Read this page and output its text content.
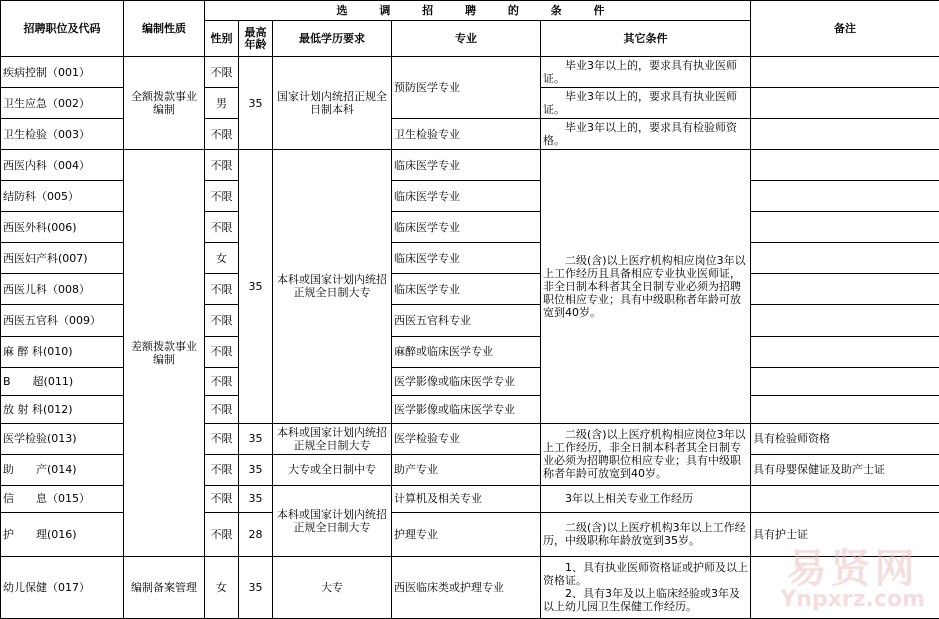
招聘职位及代码	编制性质	选 调 招 聘 的 条 件					备注
		性别	最高年龄	最低学历要求	专业	其它条件	
疾病控制（001）	全额拨款事业编制	不限	35	国家计划内统招正规全日制本科	预防医学专业	毕业3年以上的，要求具有执业医师证。	
卫生应急（002）		男				毕业3年以上的，要求具有执业医师证。	
卫生检验（003）		不限			卫生检验专业	毕业3年以上的，要求具有检验师资格。	
西医内科（004）	差额拨款事业编制	不限	35	本科或国家计划内统招正规全日制大专	临床医学专业	二级(含)以上医疗机构相应岗位3年以上工作经历且具备相应专业执业医师证，非全日制本科者其全日制专业必须为招聘职位相应专业；具有中级职称者年龄可放宽到40岁。	
结防科（005）		不限			临床医学专业		
西医外科(006)		不限			临床医学专业		
西医妇产科(007)		女			临床医学专业		
西医儿科（008）		不限			临床医学专业		
西医五官科（009）		不限			西医五官科专业		
麻 醉 科(010)		不限			麻醉或临床医学专业		
B　　超(011)		不限			医学影像或临床医学专业		
放 射 科(012)		不限			医学影像或临床医学专业		
医学检验(013)		不限	35	本科或国家计划内统招正规全日制大专	医学检验专业	二级(含)以上医疗机构相应岗位3年以上工作经历，非全日制本科者其全日制专业必须为招聘职位相应专业；具有中级职称者年龄可放宽到40岁。	具有检验师资格
助　　产(014)		不限	35	大专或全日制中专	助产专业		具有母婴保健证及助产士证
信　　息（015）		不限	35	本科或国家计划内统招正规全日制大专	计算机及相关专业	3年以上相关专业工作经历	
护　　理(016)		不限	28		护理专业	二级(含)以上医疗机构3年以上工作经历，中级职称年龄放宽到35岁。	具有护士证
幼儿保健（017）	编制备案管理	女	35	大专	西医临床类或护理专业	1、具有执业医师资格证或护师及以上资格证。
2、具有3年及以上临床经验或3年及以上幼儿园卫生保健工作经历。	

易贤网
Ynpxrz.com
